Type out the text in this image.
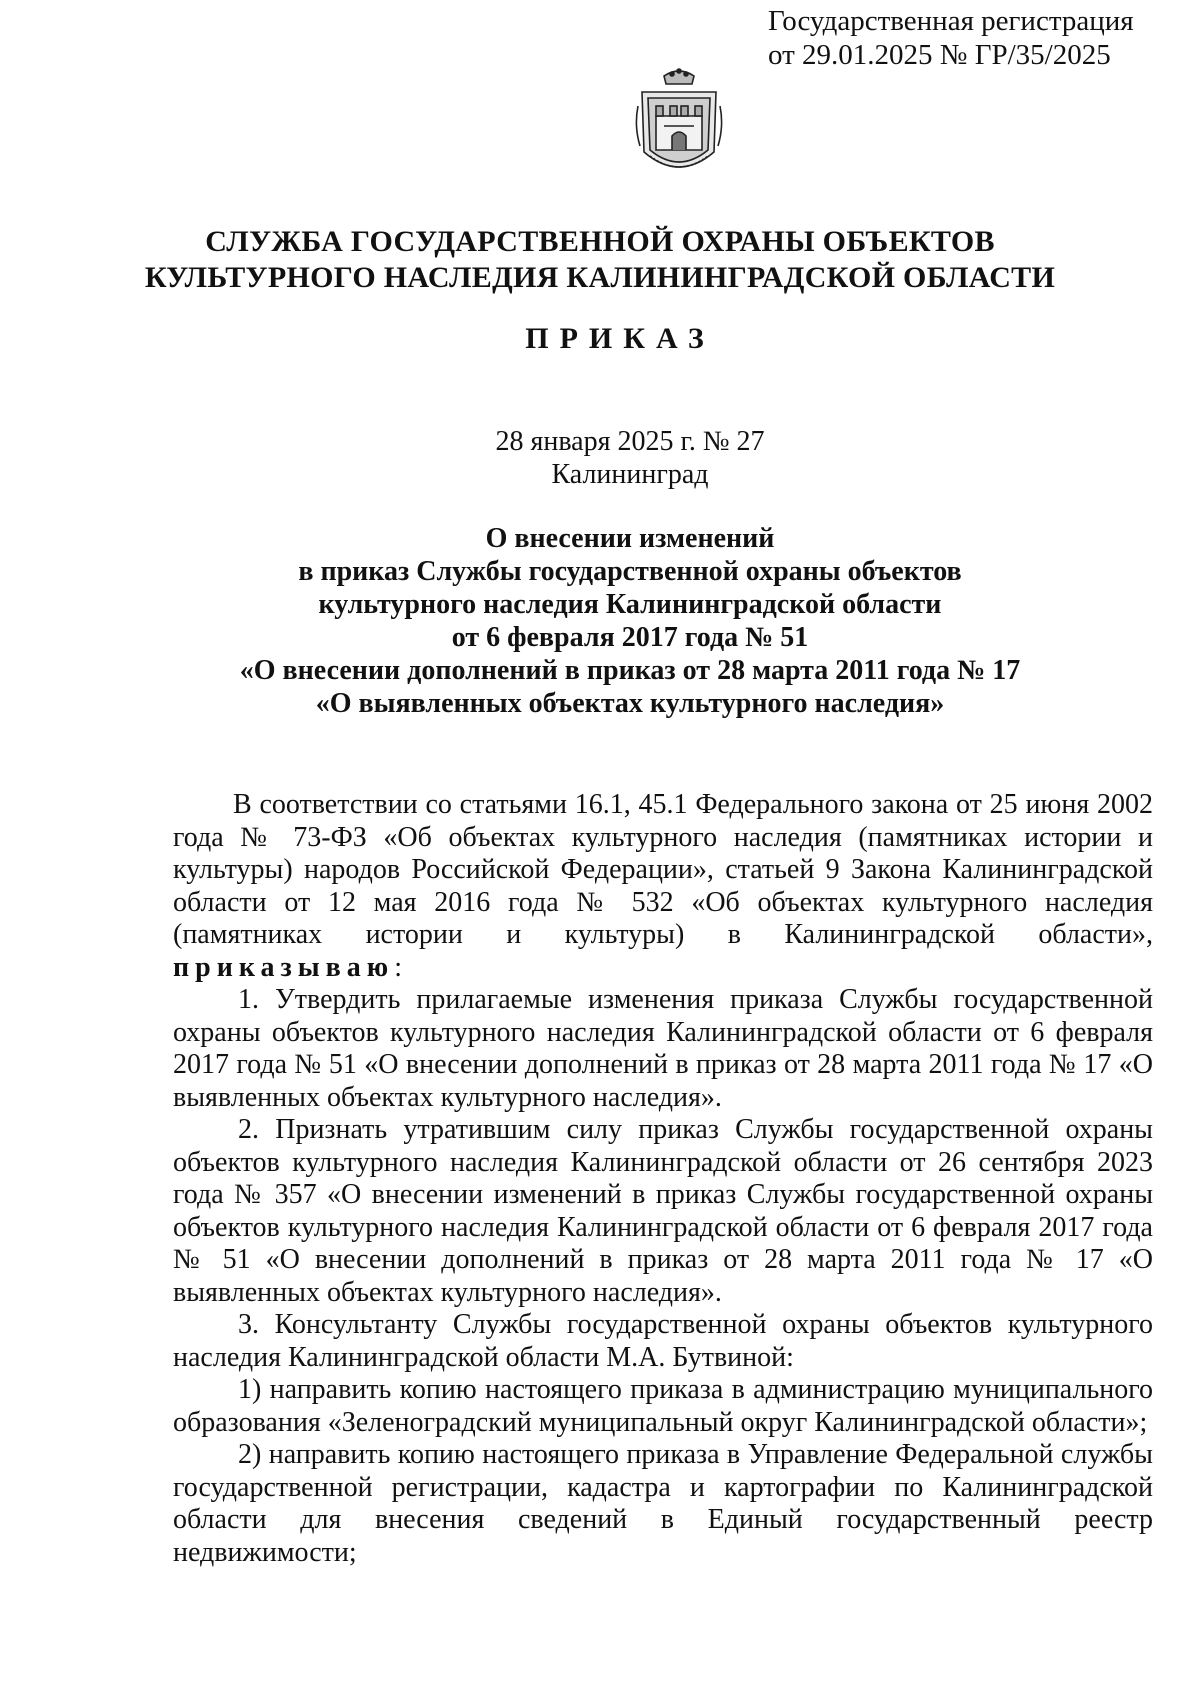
Государственная регистрация
от 29.01.2025 № ГР/35/2025
СЛУЖБА ГОСУДАРСТВЕННОЙ ОХРАНЫ ОБЪЕКТОВ
КУЛЬТУРНОГО НАСЛЕДИЯ КАЛИНИНГРАДСКОЙ ОБЛАСТИ
ПРИКАЗ
28 января 2025 г. № 27
Калининград
О внесении изменений
в приказ Службы государственной охраны объектов
культурного наследия Калининградской области
от 6 февраля 2017 года № 51
«О внесении дополнений в приказ от 28 марта 2011 года № 17
«О выявленных объектах культурного наследия»

В соответствии со статьями 16.1, 45.1 Федерального закона от 25 июня 2002 года № 73-ФЗ «Об объектах культурного наследия (памятниках истории и культуры) народов Российской Федерации», статьей 9 Закона Калининградской области от 12 мая 2016 года № 532 «Об объектах культурного наследия (памятниках истории и культуры) в Калининградской области», приказываю:

1. Утвердить прилагаемые изменения приказа Службы государственной охраны объектов культурного наследия Калининградской области от 6 февраля 2017 года № 51 «О внесении дополнений в приказ от 28 марта 2011 года № 17 «О выявленных объектах культурного наследия».

2. Признать утратившим силу приказ Службы государственной охраны объектов культурного наследия Калининградской области от 26 сентября 2023 года № 357 «О внесении изменений в приказ Службы государственной охраны объектов культурного наследия Калининградской области от 6 февраля 2017 года № 51 «О внесении дополнений в приказ от 28 марта 2011 года № 17 «О выявленных объектах культурного наследия».

3. Консультанту Службы государственной охраны объектов культурного наследия Калининградской области М.А. Бутвиной:

1) направить копию настоящего приказа в администрацию муниципального образования «Зеленоградский муниципальный округ Калининградской области»;

2) направить копию настоящего приказа в Управление Федеральной службы государственной регистрации, кадастра и картографии по Калининградской области для внесения сведений в Единый государственный реестр недвижимости;
